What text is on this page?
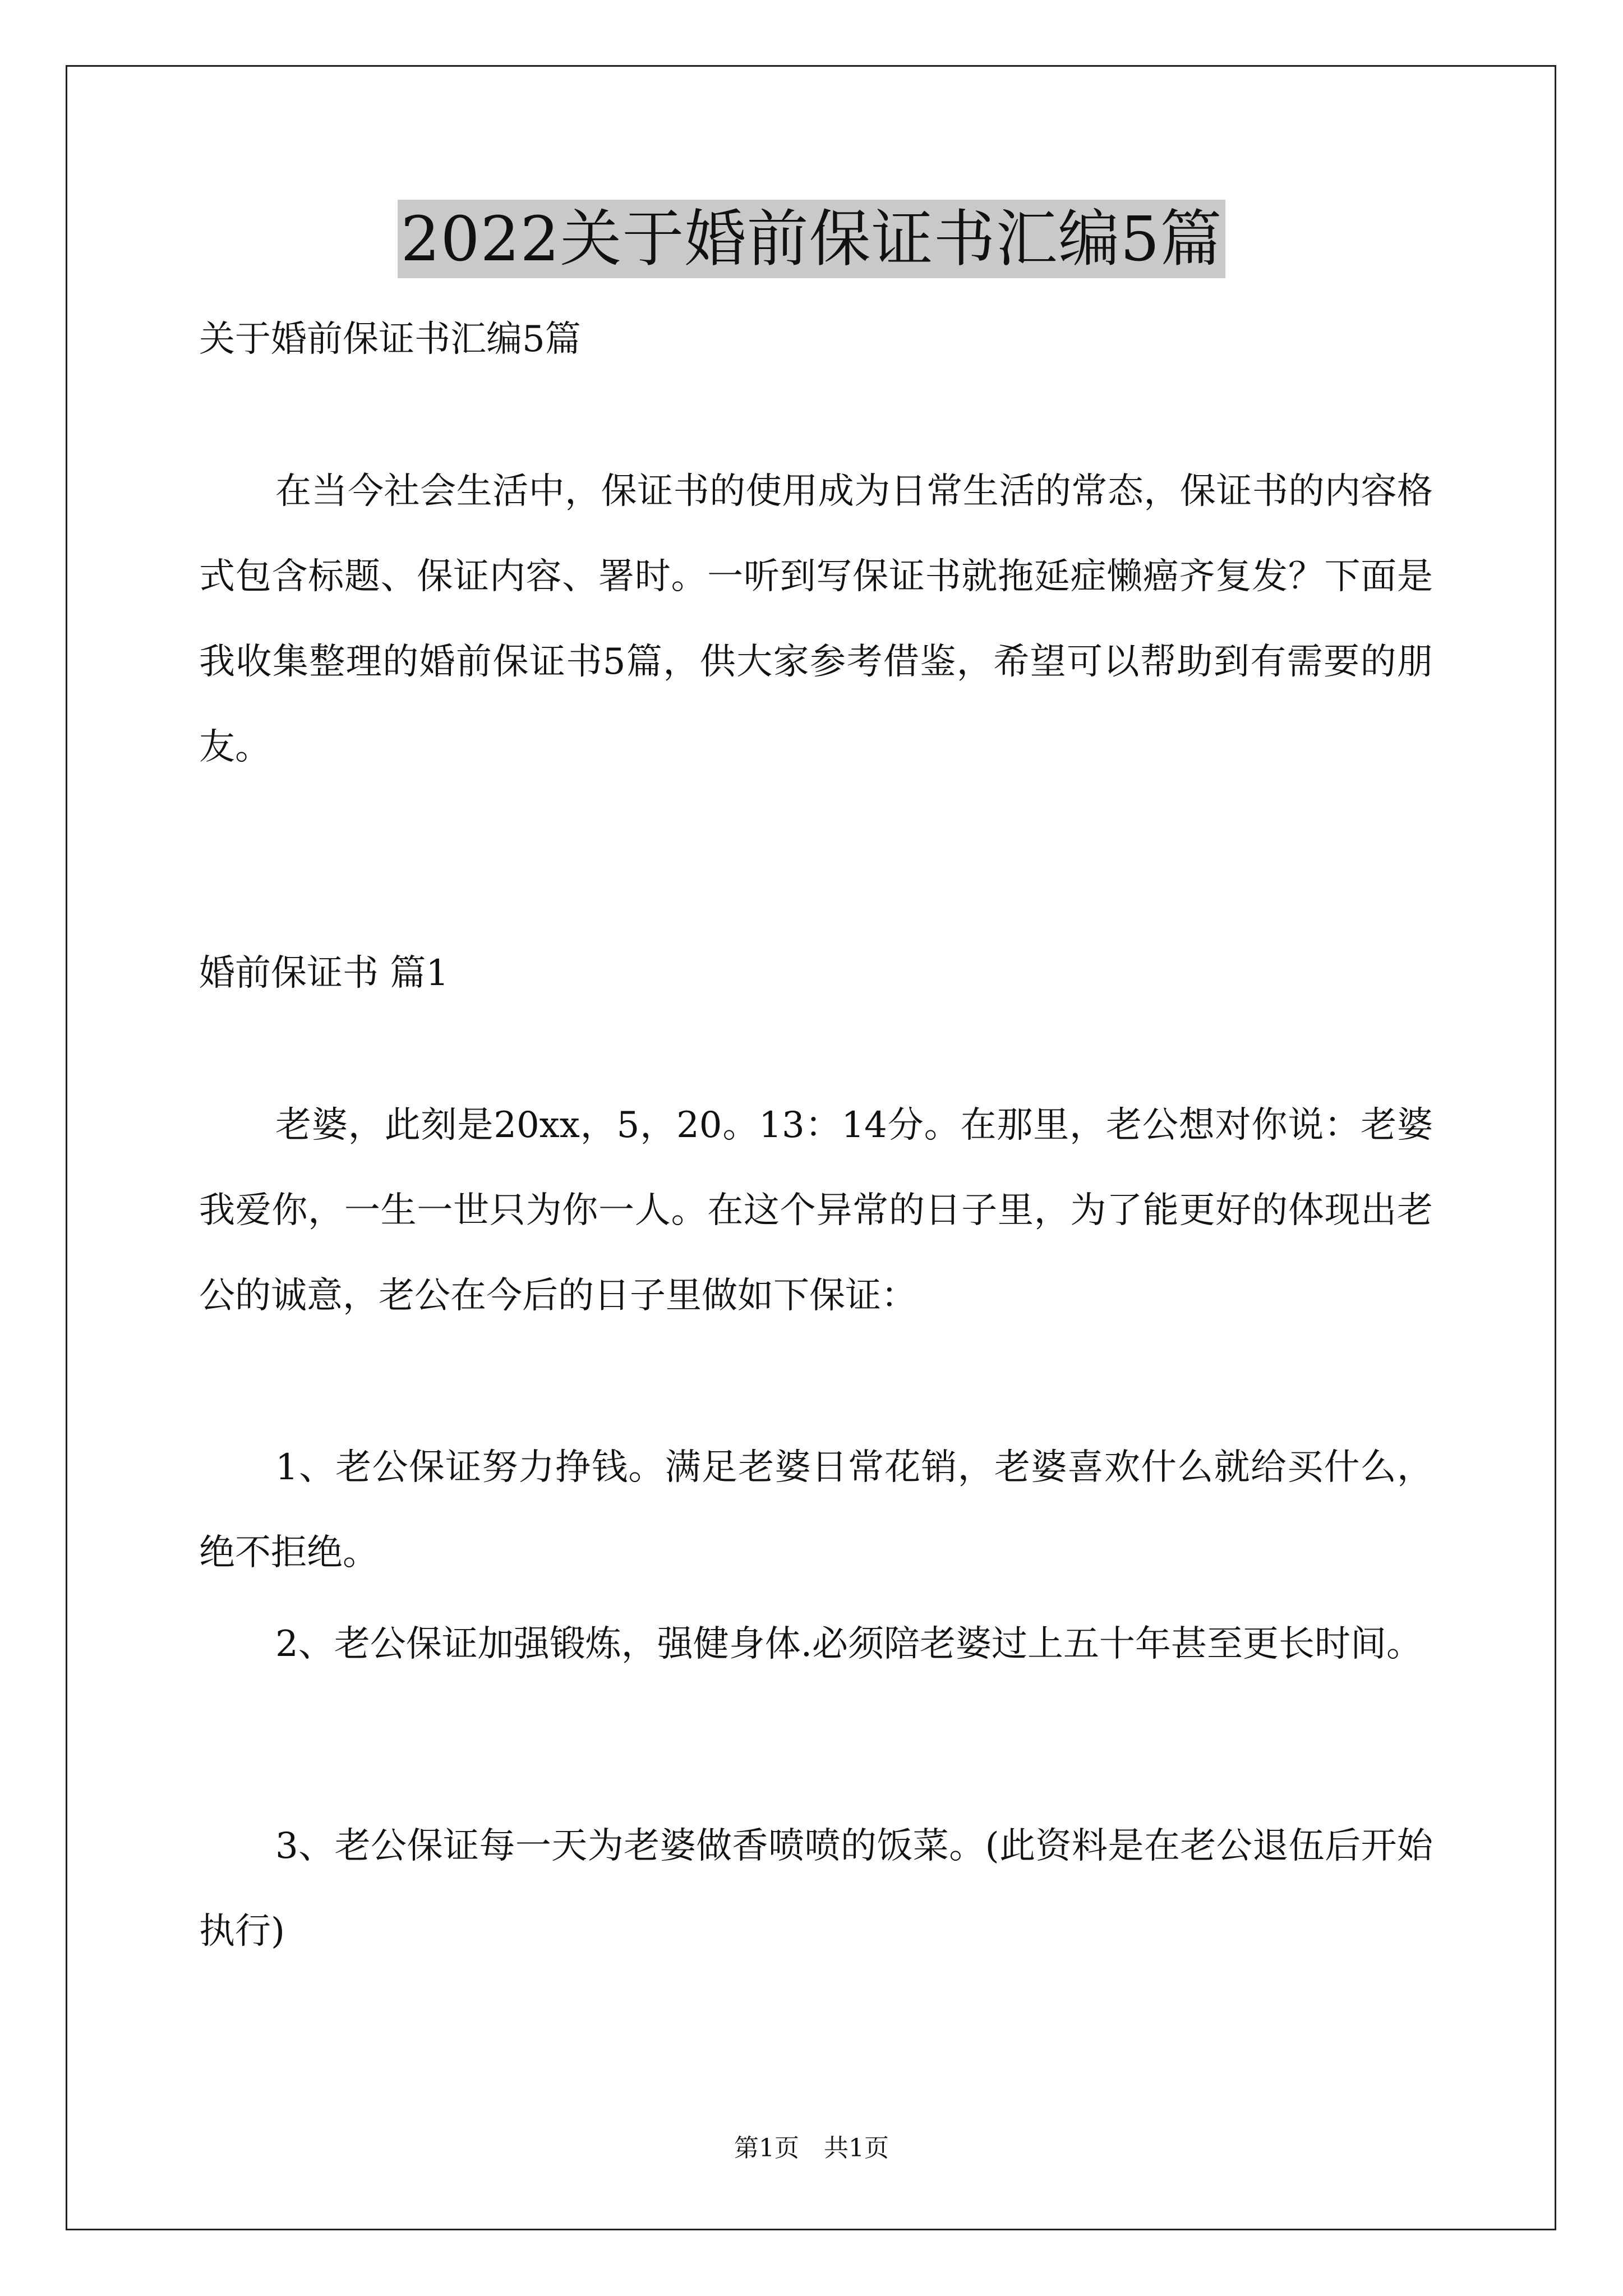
2022关于婚前保证书汇编5篇
关于婚前保证书汇编5篇
在当今社会生活中，保证书的使用成为日常生活的常态，保证书的内容格式包含标题、保证内容、署时。一听到写保证书就拖延症懒癌齐复发？下面是我收集整理的婚前保证书5篇，供大家参考借鉴，希望可以帮助到有需要的朋友。
婚前保证书 篇1
老婆，此刻是20xx，5，20。13：14分。在那里，老公想对你说：老婆我爱你，一生一世只为你一人。在这个异常的日子里，为了能更好的体现出老公的诚意，老公在今后的日子里做如下保证：
1、老公保证努力挣钱。满足老婆日常花销，老婆喜欢什么就给买什么，绝不拒绝。
2、老公保证加强锻炼，强健身体.必须陪老婆过上五十年甚至更长时间。
3、老公保证每一天为老婆做香喷喷的饭菜。(此资料是在老公退伍后开始执行)
第1页　共1页
